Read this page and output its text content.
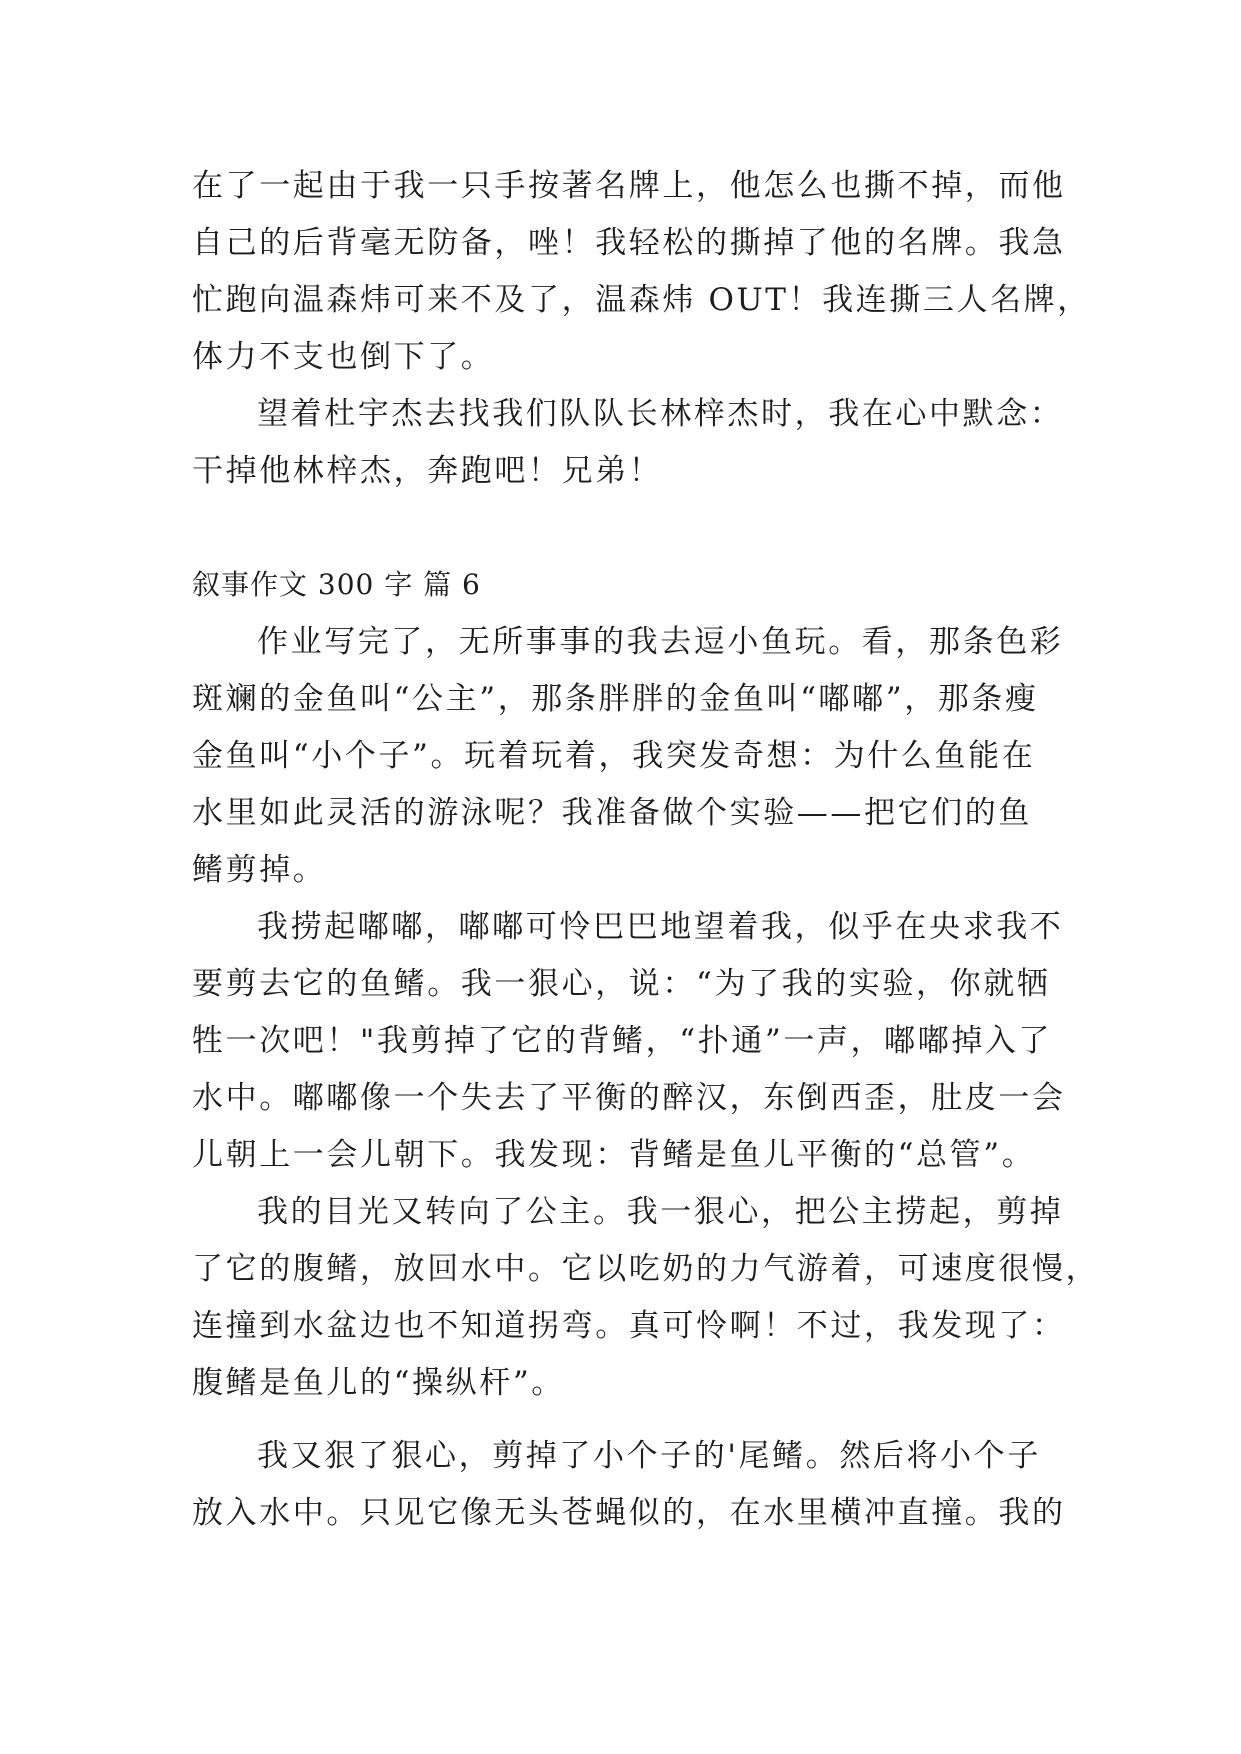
在了一起由于我一只手按著名牌上，他怎么也撕不掉，而他
自己的后背毫无防备，唑！我轻松的撕掉了他的名牌。我急
忙跑向温森炜可来不及了，温森炜 OUT！我连撕三人名牌，
体力不支也倒下了。
望着杜宇杰去找我们队队长林梓杰时，我在心中默念：
干掉他林梓杰，奔跑吧！兄弟！
叙事作文 300 字 篇 6
作业写完了，无所事事的我去逗小鱼玩。看，那条色彩
斑斓的金鱼叫“公主”，那条胖胖的金鱼叫“嘟嘟”，那条瘦
金鱼叫“小个子”。玩着玩着，我突发奇想：为什么鱼能在
水里如此灵活的游泳呢？我准备做个实验——把它们的鱼
鳍剪掉。
我捞起嘟嘟，嘟嘟可怜巴巴地望着我，似乎在央求我不
要剪去它的鱼鳍。我一狠心，说：“为了我的实验，你就牺
牲一次吧！"我剪掉了它的背鳍，“扑通”一声，嘟嘟掉入了
水中。嘟嘟像一个失去了平衡的醉汉，东倒西歪，肚皮一会
儿朝上一会儿朝下。我发现：背鳍是鱼儿平衡的“总管”。
我的目光又转向了公主。我一狠心，把公主捞起，剪掉
了它的腹鳍，放回水中。它以吃奶的力气游着，可速度很慢，
连撞到水盆边也不知道拐弯。真可怜啊！不过，我发现了：
腹鳍是鱼儿的“操纵杆”。
我又狠了狠心，剪掉了小个子的'尾鳍。然后将小个子
放入水中。只见它像无头苍蝇似的，在水里横冲直撞。我的
